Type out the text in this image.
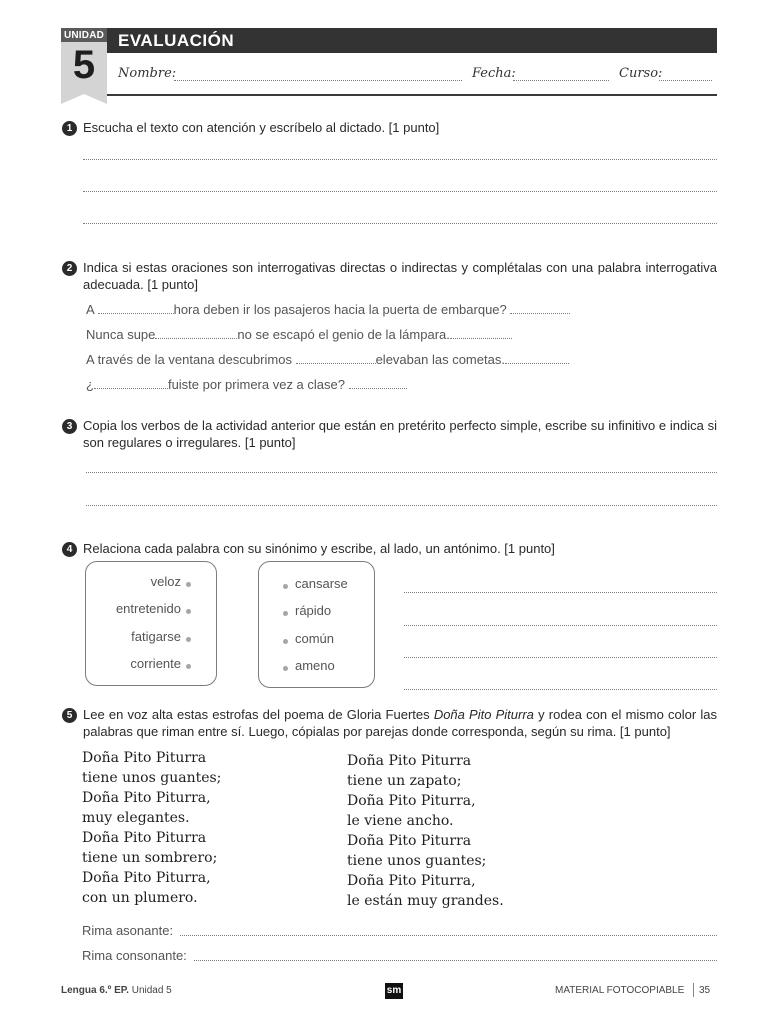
UNIDAD
5
EVALUACIÓN
Nombre:	Fecha:	Curso:
1 Escucha el texto con atención y escríbelo al dictado. [1 punto]
2 Indica si estas oraciones son interrogativas directas o indirectas y complétalas con una palabra interrogativa adecuada. [1 punto]
A	hora deben ir los pasajeros hacia la puerta de embarque?
Nunca supe	no se escapó el genio de la lámpara.
A través de la ventana descubrimos	elevaban las cometas.
¿	fuiste por primera vez a clase?
3 Copia los verbos de la actividad anterior que están en pretérito perfecto simple, escribe su infinitivo e indica si son regulares o irregulares. [1 punto]
4 Relaciona cada palabra con su sinónimo y escribe, al lado, un antónimo. [1 punto]
veloz
entretenido
fatigarse
corriente
cansarse
rápido
común
ameno
5 Lee en voz alta estas estrofas del poema de Gloria Fuertes Doña Pito Piturra y rodea con el mismo color las palabras que riman entre sí. Luego, cópialas por parejas donde corresponda, según su rima. [1 punto]
Doña Pito Piturra
tiene unos guantes;
Doña Pito Piturra,
muy elegantes.
Doña Pito Piturra
tiene un sombrero;
Doña Pito Piturra,
con un plumero.
Doña Pito Piturra
tiene un zapato;
Doña Pito Piturra,
le viene ancho.
Doña Pito Piturra
tiene unos guantes;
Doña Pito Piturra,
le están muy grandes.
Rima asonante:
Rima consonante:
Lengua 6.º EP. Unidad 5	sm	MATERIAL FOTOCOPIABLE 35
